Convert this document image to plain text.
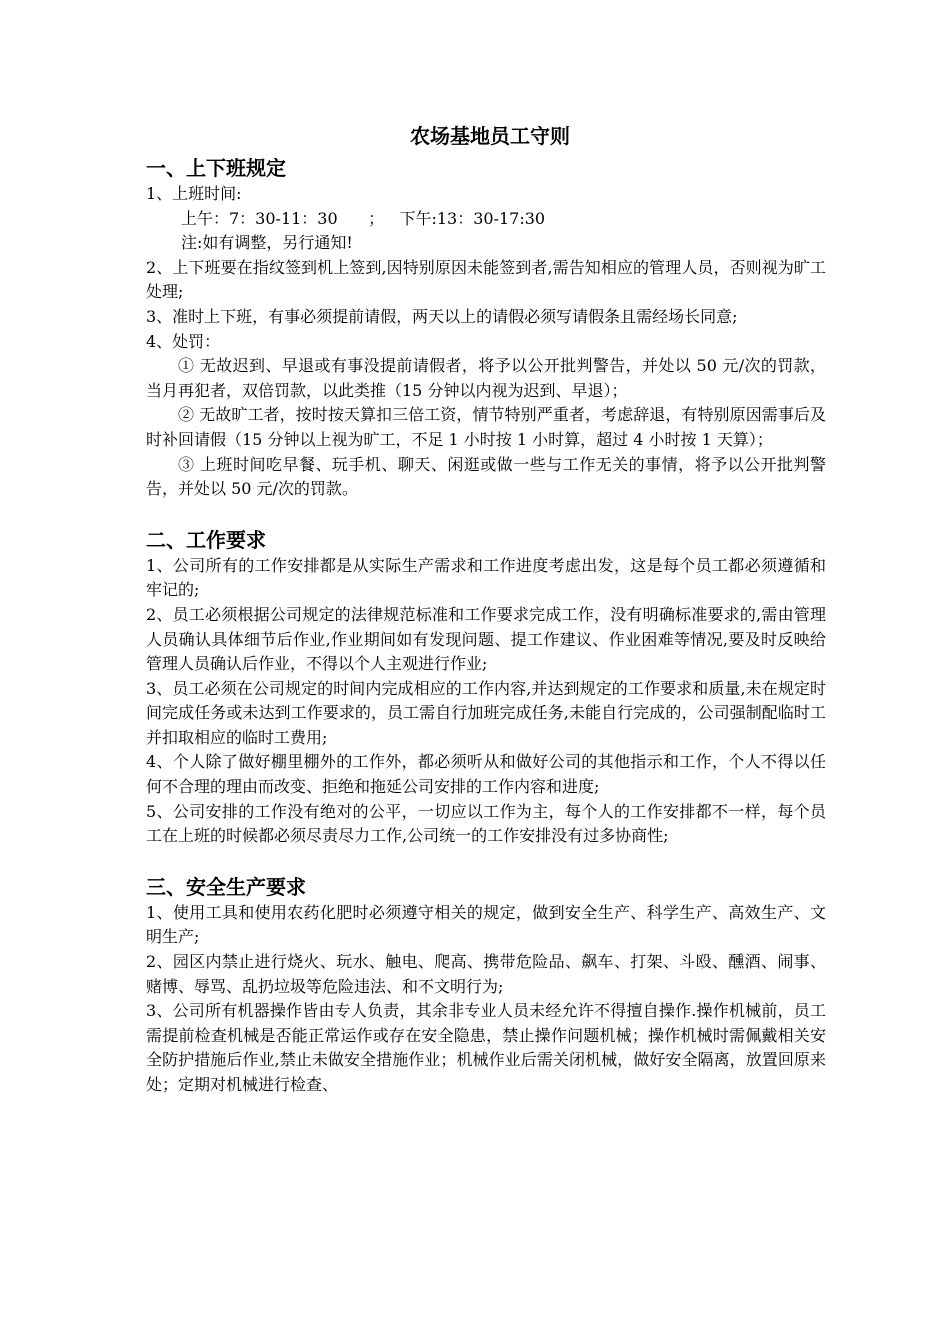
农场基地员工守则
一、上下班规定

1、上班时间:

上午：7：30-11：30      ；   下午:13：30-17:30

注:如有调整，另行通知!

2、上下班要在指纹签到机上签到,因特别原因未能签到者,需告知相应的管理人员，否则视为旷工处理;

3、准时上下班，有事必须提前请假，两天以上的请假必须写请假条且需经场长同意;

4、处罚：

① 无故迟到、早退或有事没提前请假者，将予以公开批判警告，并处以 50 元/次的罚款，当月再犯者，双倍罚款，以此类推（15 分钟以内视为迟到、早退）；

② 无故旷工者，按时按天算扣三倍工资，情节特别严重者，考虑辞退，有特别原因需事后及时补回请假（15 分钟以上视为旷工，不足 1 小时按 1 小时算，超过 4 小时按 1 天算）；

③ 上班时间吃早餐、玩手机、聊天、闲逛或做一些与工作无关的事情，将予以公开批判警告，并处以 50 元/次的罚款。

二、工作要求

1、公司所有的工作安排都是从实际生产需求和工作进度考虑出发，这是每个员工都必须遵循和牢记的;

2、员工必须根据公司规定的法律规范标准和工作要求完成工作，没有明确标准要求的,需由管理人员确认具体细节后作业,作业期间如有发现问题、提工作建议、作业困难等情况,要及时反映给管理人员确认后作业，不得以个人主观进行作业;

3、员工必须在公司规定的时间内完成相应的工作内容,并达到规定的工作要求和质量,未在规定时间完成任务或未达到工作要求的，员工需自行加班完成任务,未能自行完成的，公司强制配临时工并扣取相应的临时工费用;

4、个人除了做好棚里棚外的工作外，都必须听从和做好公司的其他指示和工作，个人不得以任何不合理的理由而改变、拒绝和拖延公司安排的工作内容和进度;

5、公司安排的工作没有绝对的公平，一切应以工作为主，每个人的工作安排都不一样，每个员工在上班的时候都必须尽责尽力工作,公司统一的工作安排没有过多协商性;

三、安全生产要求

1、使用工具和使用农药化肥时必须遵守相关的规定，做到安全生产、科学生产、高效生产、文明生产;

2、园区内禁止进行烧火、玩水、触电、爬高、携带危险品、飙车、打架、斗殴、醺酒、闹事、赌博、辱骂、乱扔垃圾等危险违法、和不文明行为;

3、公司所有机器操作皆由专人负责，其余非专业人员未经允许不得擅自操作.操作机械前，员工需提前检查机械是否能正常运作或存在安全隐患，禁止操作问题机械；操作机械时需佩戴相关安全防护措施后作业,禁止未做安全措施作业；机械作业后需关闭机械，做好安全隔离，放置回原来处；定期对机械进行检查、
